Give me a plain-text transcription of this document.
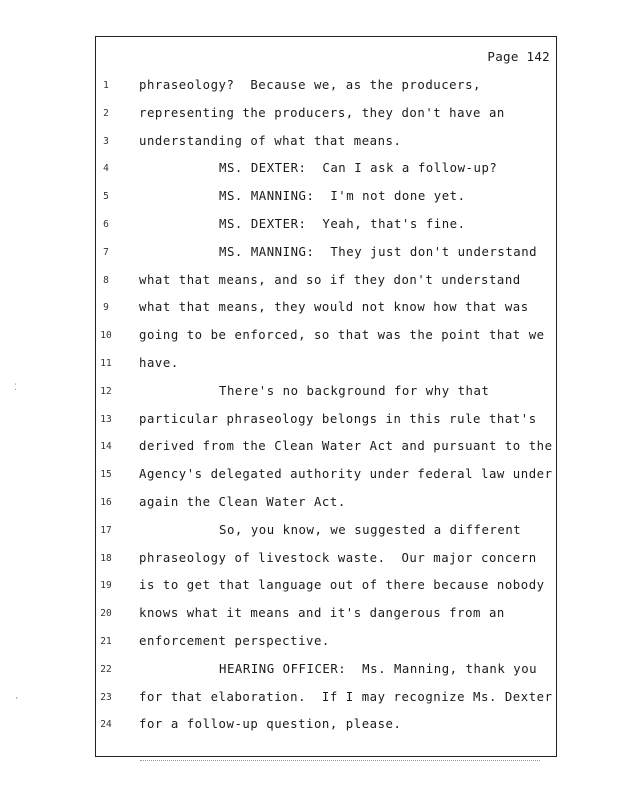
Page 142
1	phraseology?  Because we, as the producers,
2	representing the producers, they don't have an
3	understanding of what that means.
4	MS. DEXTER:  Can I ask a follow-up?
5	MS. MANNING:  I'm not done yet.
6	MS. DEXTER:  Yeah, that's fine.
7	MS. MANNING:  They just don't understand
8	what that means, and so if they don't understand
9	what that means, they would not know how that was
10	going to be enforced, so that was the point that we
11	have.
12	There's no background for why that
13	particular phraseology belongs in this rule that's
14	derived from the Clean Water Act and pursuant to the
15	Agency's delegated authority under federal law under
16	again the Clean Water Act.
17	So, you know, we suggested a different
18	phraseology of livestock waste.  Our major concern
19	is to get that language out of there because nobody
20	knows what it means and it's dangerous from an
21	enforcement perspective.
22	HEARING OFFICER:  Ms. Manning, thank you
23	for that elaboration.  If I may recognize Ms. Dexter
24	for a follow-up question, please.
⁚
·
